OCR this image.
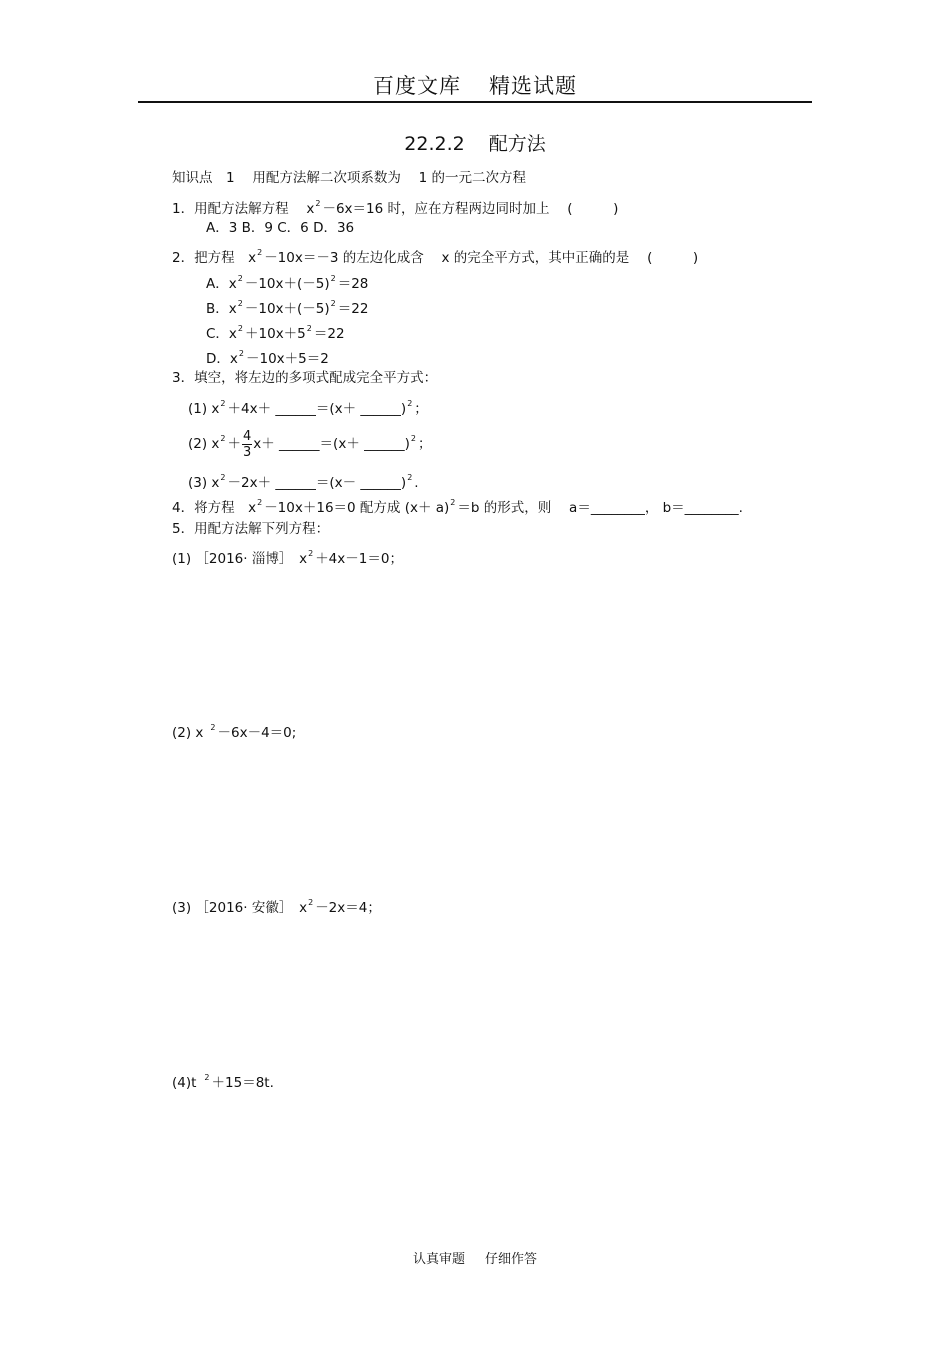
百度文库 精选试题
22.2.2 配方法
知识点　1　 用配方法解二次项系数为　 1 的一元二次方程
1．用配方法解方程　 $x^2 -6x=16$ 时，应在方程两边同时加上　 (　　　)
A．3 B．9 C．6 D．36
2．把方程　$x^2 -10x=-3$ 的左边化成含　 x 的完全平方式，其中正确的是　 (　　　)
A．$x^2 -10x+(-5)^2 =28$
B．$x^2 -10x+(-5)^2 =22$
C．$x^2 +10x+5^2 =22$
D．$x^2 -10x+5=2$
3．填空，将左边的多项式配成完全平方式：
(1) $x^2 +4x+$ ______＝(x＋ ______)$^2$ ；
(2) $x^2 + \frac{4}{3} x+$ ______＝(x＋ ______)$^2$ ；
(3) $x^2 -2x+$ ______＝(x－ ______)$^2$ .
4．将方程　$x^2 -10x+16=0$ 配方成 $(x+ a)^2 =b$ 的形式，则　 a＝________， b＝________.
5．用配方法解下列方程：
(1) ［2016· 淄博］　$x^2 +4x-1=0$；
(2) x $^2$ －6x－4＝0;
(3) ［2016· 安徽］　$x^2 -2x=4$；
(4)t $^2$ ＋15＝8t.
认真审题 仔细作答
